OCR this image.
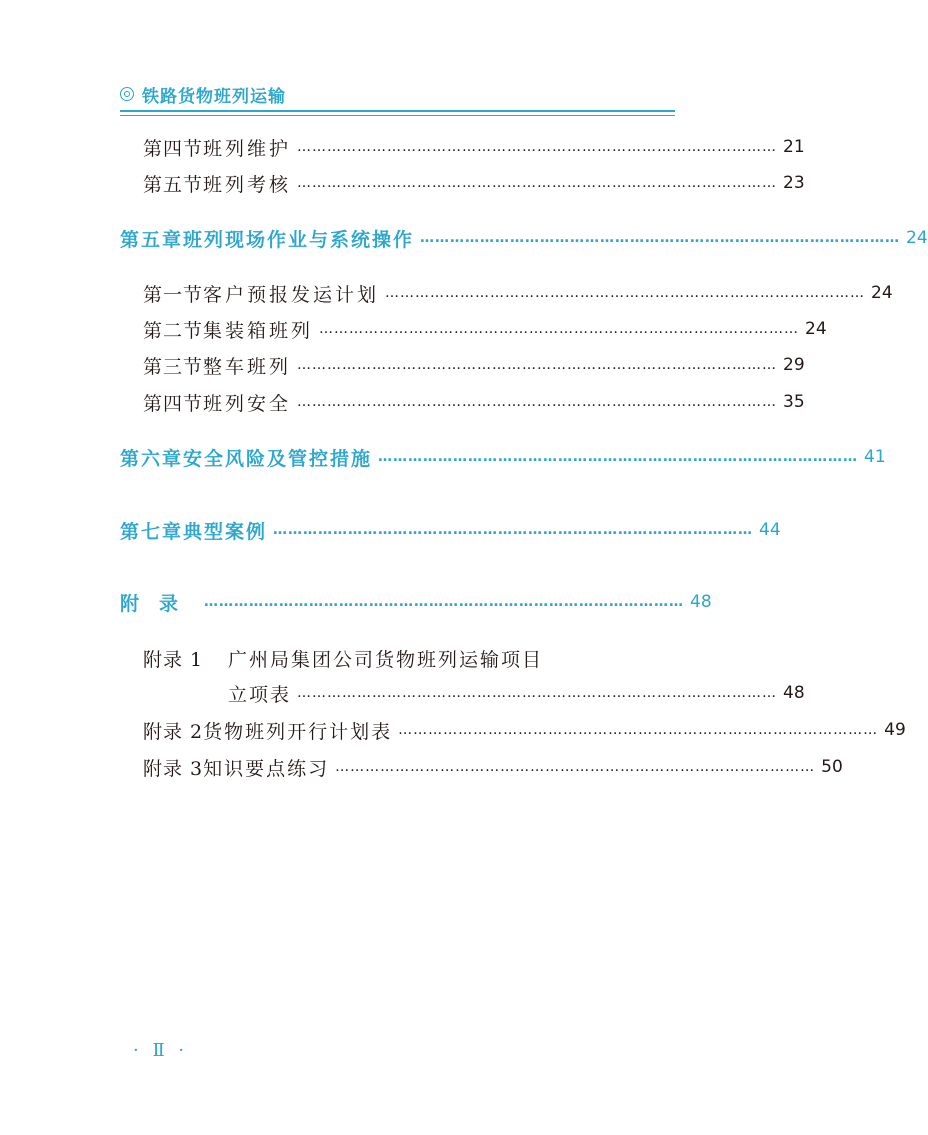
铁路货物班列运输
第四节 班列维护 …………………………………………………………………………………… 21
第五节 班列考核 …………………………………………………………………………………… 23
第五章 班列现场作业与系统操作 …………………………………………………………………………………… 24
第一节 客户预报发运计划 …………………………………………………………………………………… 24
第二节 集装箱班列 …………………………………………………………………………………… 24
第三节 整车班列 …………………………………………………………………………………… 29
第四节 班列安全 …………………………………………………………………………………… 35
第六章 安全风险及管控措施 …………………………………………………………………………………… 41
第七章 典型案例 …………………………………………………………………………………… 44
附录 …………………………………………………………………………………… 48
附录 1	广州局集团公司货物班列运输项目
立项表 …………………………………………………………………………………… 48
附录 2 货物班列开行计划表 …………………………………………………………………………………… 49
附录 3 知识要点练习 …………………………………………………………………………………… 50
· Ⅱ ·
